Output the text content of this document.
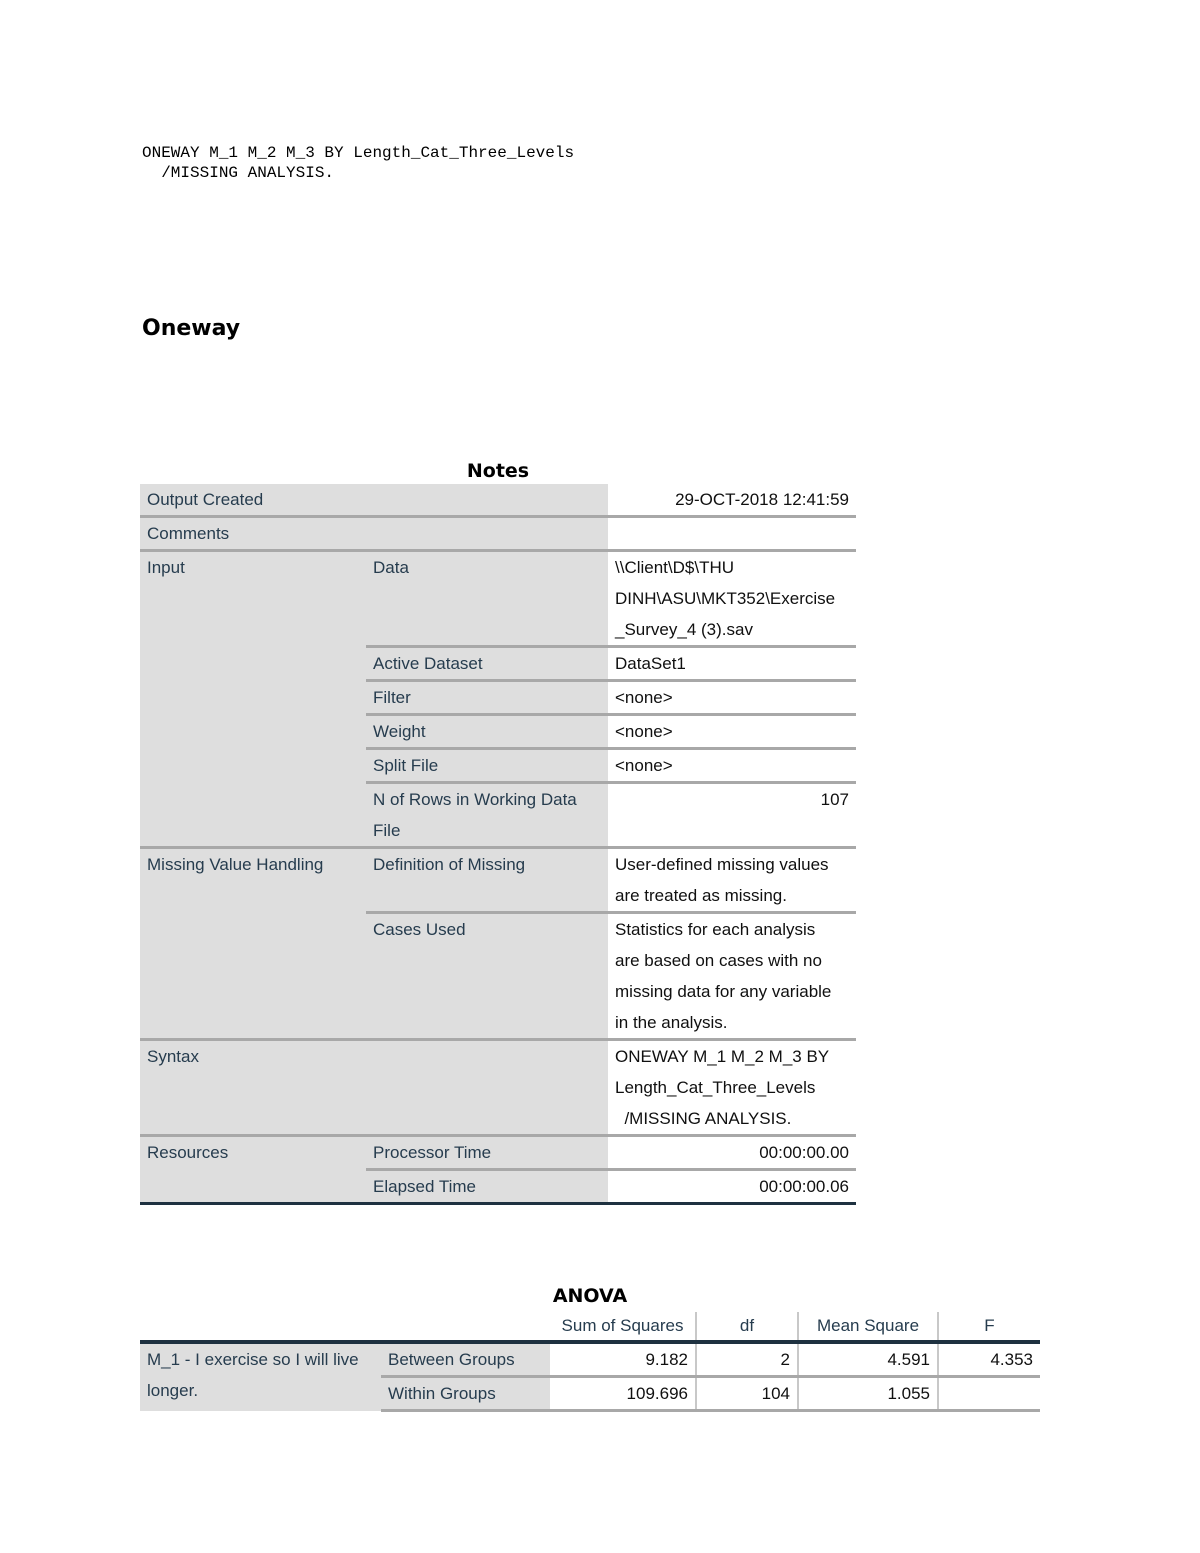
ONEWAY M_1 M_2 M_3 BY Length_Cat_Three_Levels
/MISSING ANALYSIS.
Oneway
Notes
Output Created		29-OCT-2018 12:41:59
Comments		
Input	Data	\\Client\D$\THU
DINH\ASU\MKT352\Exercise
_Survey_4 (3).sav

	Active Dataset	DataSet1
	Filter	<none>
	Weight	<none>
	Split File	<none>

	N of Rows in Working Data
File	107
Missing Value Handling	Definition of Missing	User-defined missing values
are treated as missing.

	Cases Used	Statistics for each analysis
are based on cases with no
missing data for any variable
in the analysis.

Syntax		ONEWAY M_1 M_2 M_3 BY
Length_Cat_Three_Levels
/MISSING ANALYSIS.

Resources	Processor Time	00:00:00.00
	Elapsed Time	00:00:00.06
ANOVA
		Sum of Squares	df	Mean Square	F

M_1 - I exercise so I will live
longer.	Between Groups	9.182	2	4.591	4.353
	Within Groups	109.696	104	1.055	
